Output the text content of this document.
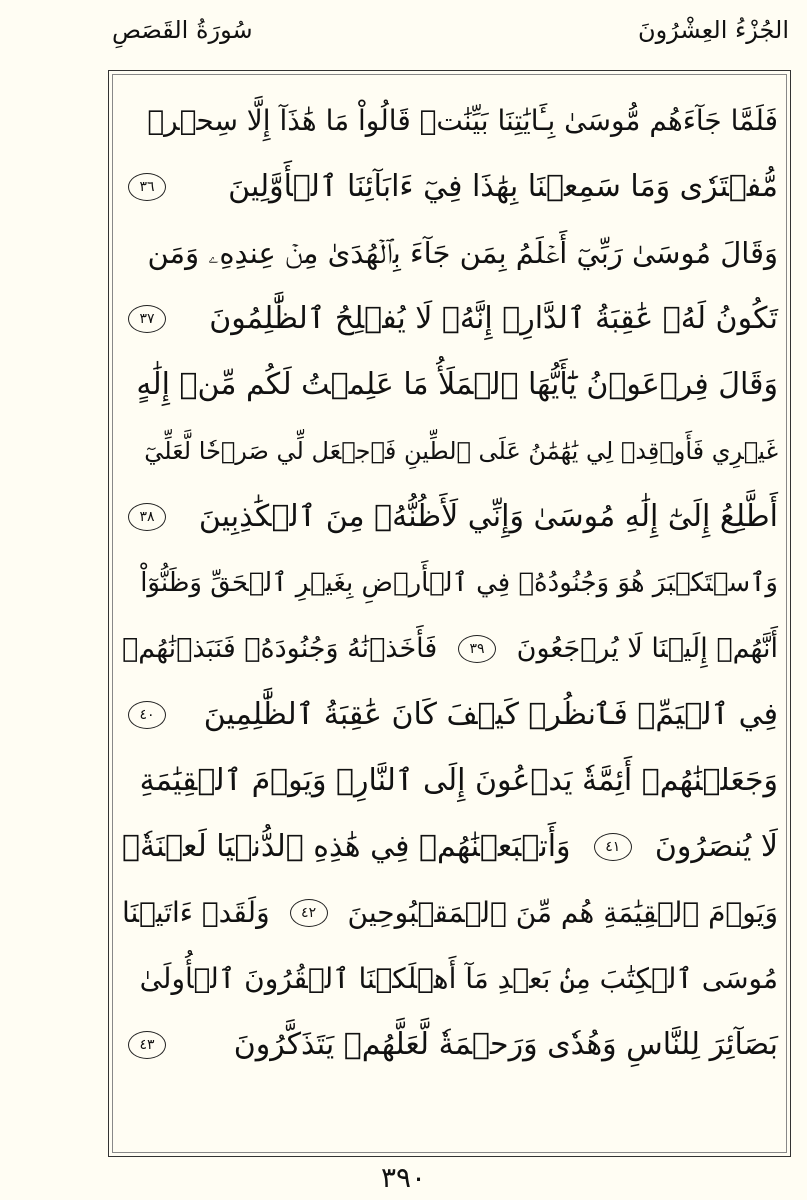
الجُزْءُ العِشْرُونَ
سُورَةُ القَصَصِ
فَلَمَّا جَآءَهُم مُّوسَىٰ بِـَٔايَٰتِنَا بَيِّنَٰتٖ قَالُواْ مَا هَٰذَآ إِلَّا سِحۡرٞ
مُّفۡتَرٗى وَمَا سَمِعۡنَا بِهَٰذَا فِيٓ ءَابَآئِنَا ٱلۡأَوَّلِينَ
٣٦
وَقَالَ مُوسَىٰ رَبِّيٓ أَعۡلَمُ بِمَن جَآءَ بِٱلۡهُدَىٰ مِنۡ عِندِهِۦ وَمَن
تَكُونُ لَهُۥ عَٰقِبَةُ ٱلدَّارِۚ إِنَّهُۥ لَا يُفۡلِحُ ٱلظَّٰلِمُونَ
٣٧
وَقَالَ فِرۡعَوۡنُ يَٰٓأَيُّهَا ٱلۡمَلَأُ مَا عَلِمۡتُ لَكُم مِّنۡ إِلَٰهٍ
غَيۡرِي فَأَوۡقِدۡ لِي يَٰهَٰمَٰنُ عَلَى ٱلطِّينِ فَٱجۡعَل لِّي صَرۡحٗا لَّعَلِّيٓ
أَطَّلِعُ إِلَىٰٓ إِلَٰهِ مُوسَىٰ وَإِنِّي لَأَظُنُّهُۥ مِنَ ٱلۡكَٰذِبِينَ
٣٨
وَٱسۡتَكۡبَرَ هُوَ وَجُنُودُهُۥ فِي ٱلۡأَرۡضِ بِغَيۡرِ ٱلۡحَقِّ وَظَنُّوٓاْ
أَنَّهُمۡ إِلَيۡنَا لَا يُرۡجَعُونَ
٣٩
فَأَخَذۡنَٰهُ وَجُنُودَهُۥ فَنَبَذۡنَٰهُمۡ
فِي ٱلۡيَمِّۖ فَٱنظُرۡ كَيۡفَ كَانَ عَٰقِبَةُ ٱلظَّٰلِمِينَ
٤٠
وَجَعَلۡنَٰهُمۡ أَئِمَّةٗ يَدۡعُونَ إِلَى ٱلنَّارِۖ وَيَوۡمَ ٱلۡقِيَٰمَةِ
لَا يُنصَرُونَ
٤١
وَأَتۡبَعۡنَٰهُمۡ فِي هَٰذِهِ ٱلدُّنۡيَا لَعۡنَةٗۖ
وَيَوۡمَ ٱلۡقِيَٰمَةِ هُم مِّنَ ٱلۡمَقۡبُوحِينَ
٤٢
وَلَقَدۡ ءَاتَيۡنَا
مُوسَى ٱلۡكِتَٰبَ مِنۢ بَعۡدِ مَآ أَهۡلَكۡنَا ٱلۡقُرُونَ ٱلۡأُولَىٰ
بَصَآئِرَ لِلنَّاسِ وَهُدٗى وَرَحۡمَةٗ لَّعَلَّهُمۡ يَتَذَكَّرُونَ
٤٣
٣٩٠
